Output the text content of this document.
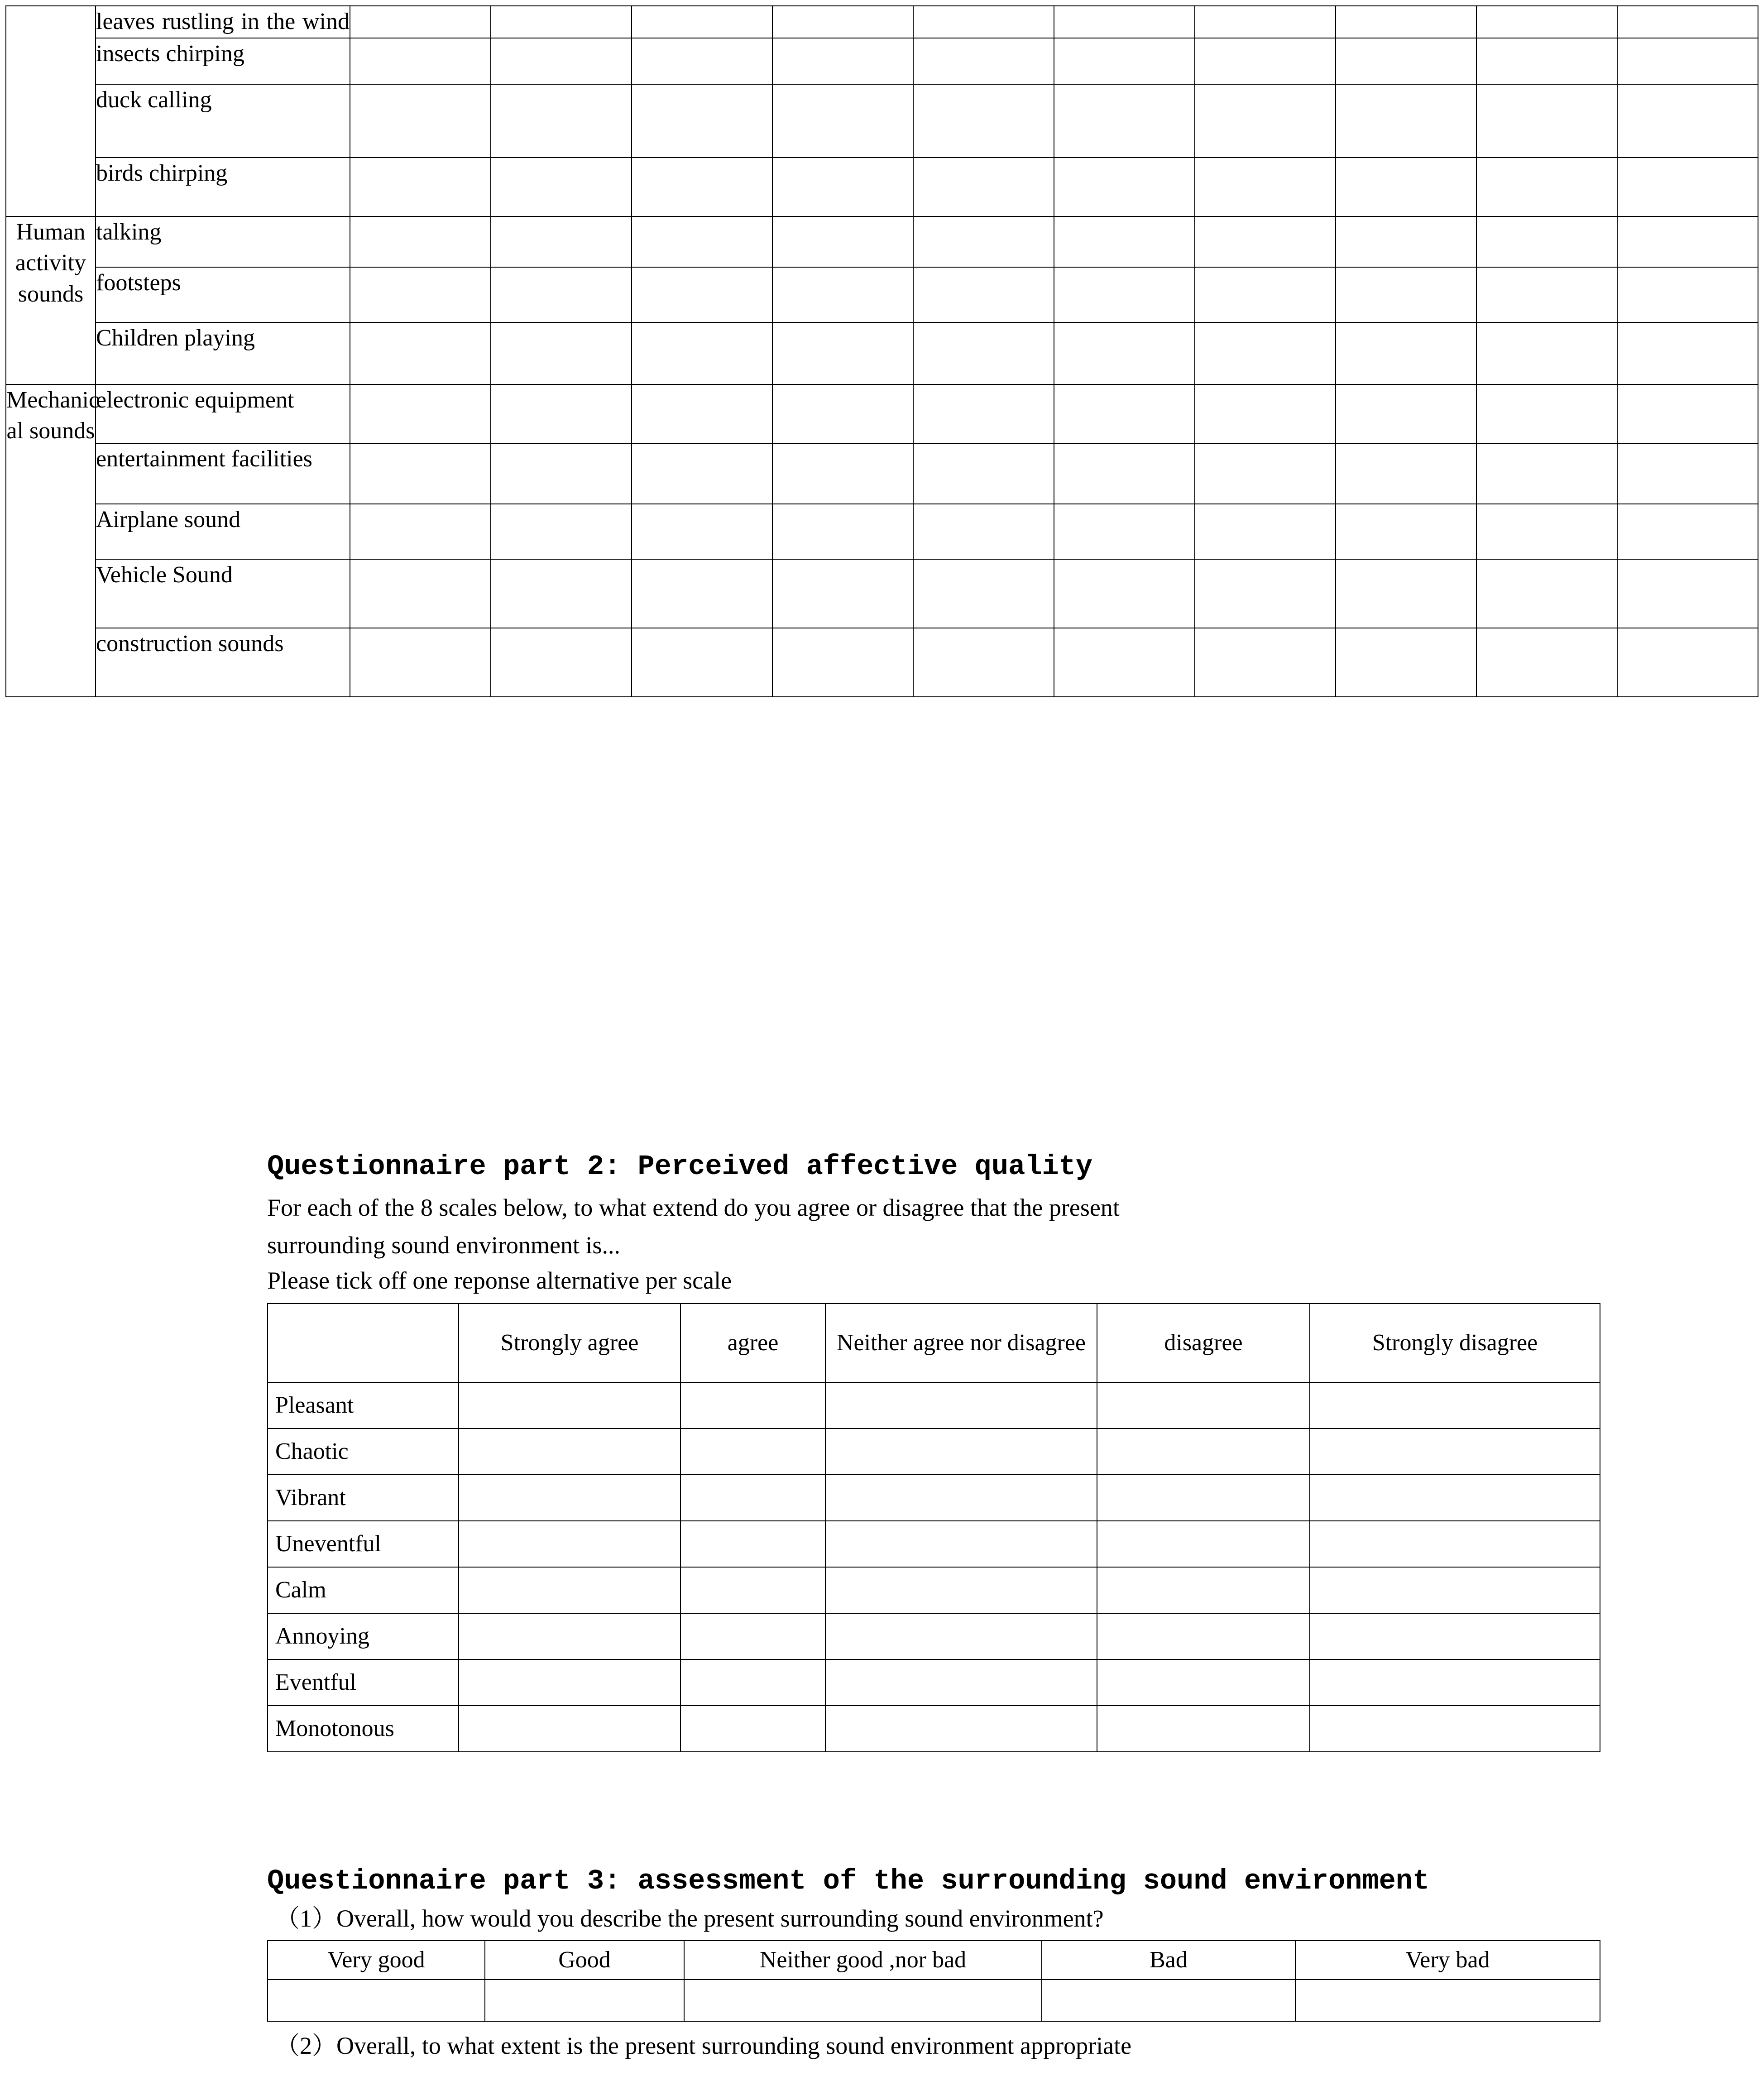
	leaves rustling in the wind										
	insects chirping										
	duck calling										
	birds chirping										
Human activity sounds	talking										
	footsteps										
	Children playing										
Mechanic al sounds	electronic equipment										
	entertainment facilities										
	Airplane sound										
	Vehicle Sound										
	construction sounds										
Questionnaire part 2: Perceived affective quality
For each of the 8 scales below, to what extend do you agree or disagree that the present
surrounding sound environment is...
Please tick off one reponse alternative per scale
	Strongly agree	agree	Neither agree nor disagree	disagree	Strongly disagree
Pleasant					
Chaotic					
Vibrant					
Uneventful					
Calm					
Annoying					
Eventful					
Monotonous					
Questionnaire part 3: assessment of the surrounding sound environment
（1）Overall, how would you describe the present surrounding sound environment?
Very good	Good	Neither good ,nor bad	Bad	Very bad

（2）Overall, to what extent is the present surrounding sound environment appropriate
